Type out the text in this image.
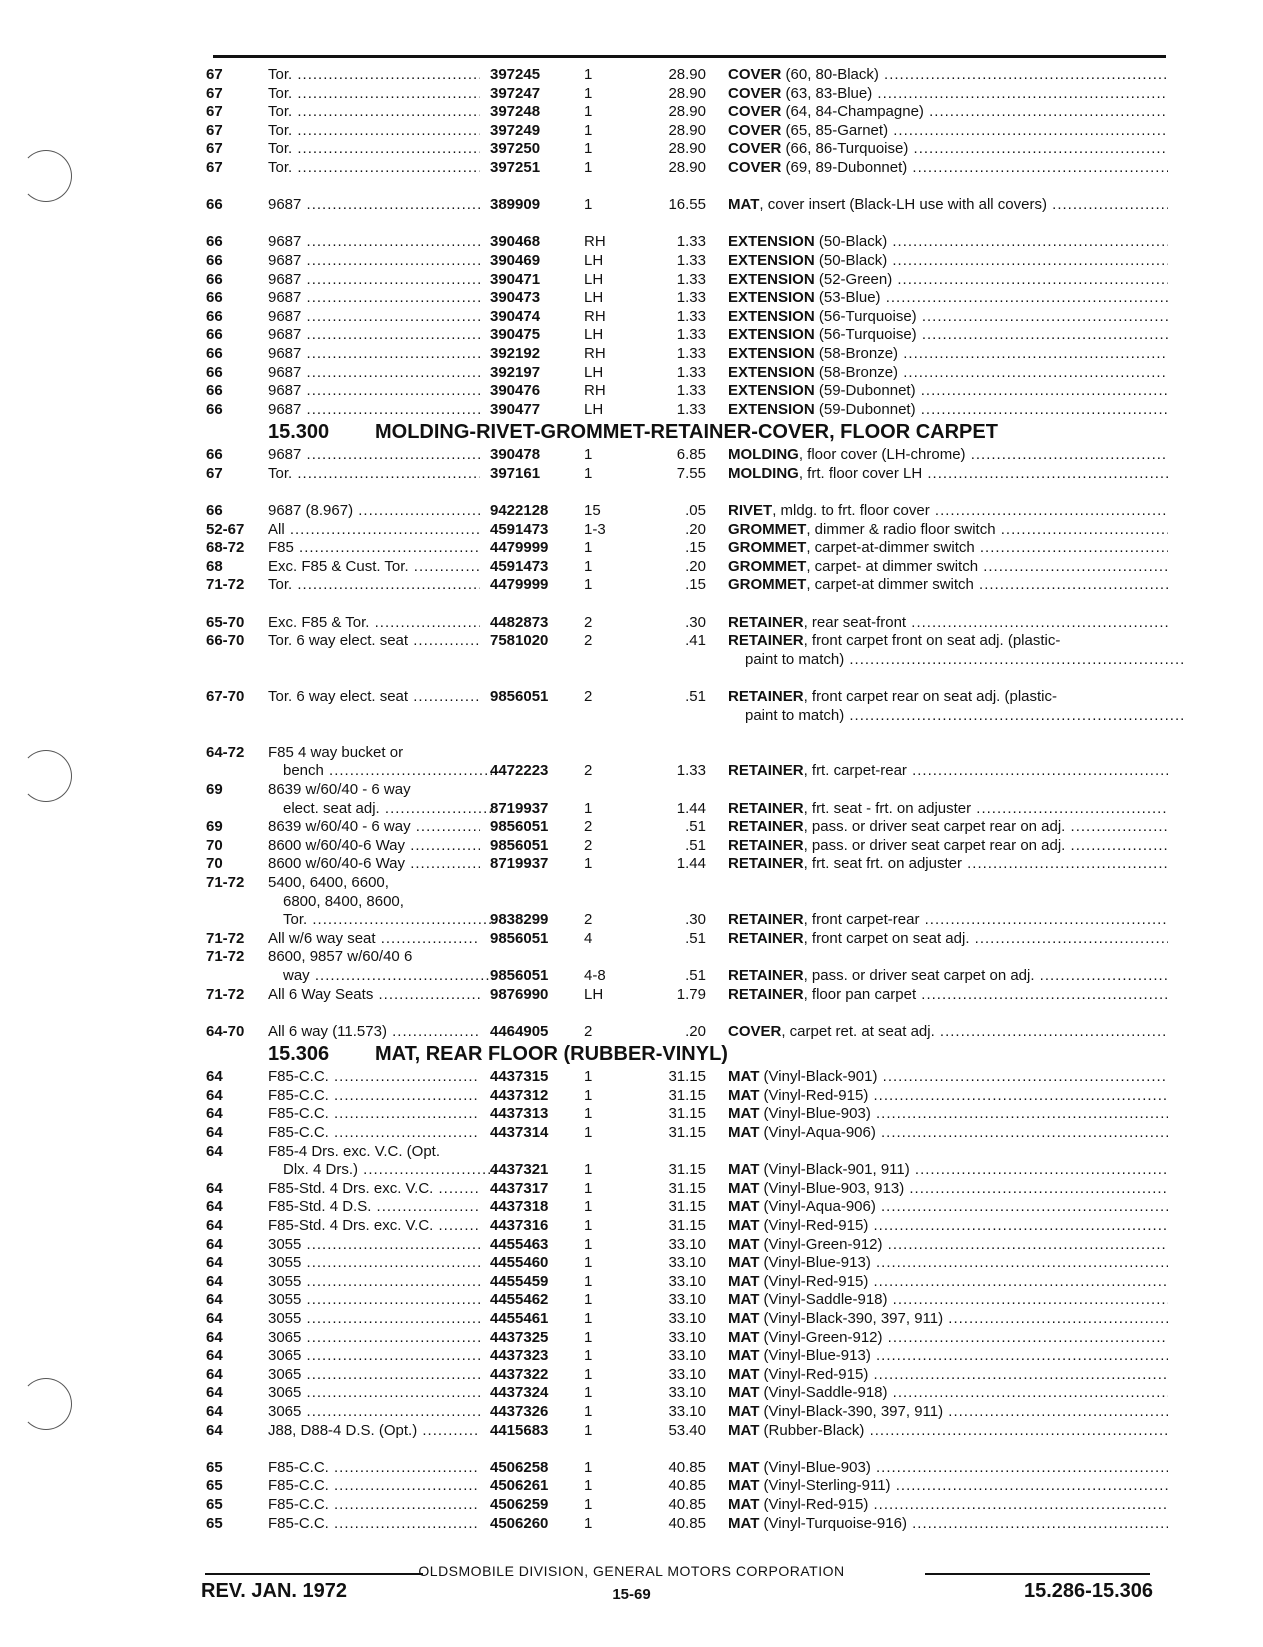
67	Tor. .....	397245	1	28.90 COVER (60, 80-Black) .....
67	Tor. .....	397247	1	28.90 COVER (63, 83-Blue) .....
67	Tor. .....	397248	1	28.90 COVER (64, 84-Champagne) .....
67	Tor. .....	397249	1	28.90 COVER (65, 85-Garnet) .....
67	Tor. .....	397250	1	28.90 COVER (66, 86-Turquoise) .....
67	Tor. .....	397251	1	28.90 COVER (69, 89-Dubonnet) .....
66	9687 .....	389909	1	16.55 MAT, cover insert (Black-LH use with all covers) .....
66	9687 .....	390468	RH	1.33 EXTENSION (50-Black) .....
66	9687 .....	390469	LH	1.33 EXTENSION (50-Black) .....
66	9687 .....	390471	LH	1.33 EXTENSION (52-Green) .....
66	9687 .....	390473	LH	1.33 EXTENSION (53-Blue) .....
66	9687 .....	390474	RH	1.33 EXTENSION (56-Turquoise) .....
66	9687 .....	390475	LH	1.33 EXTENSION (56-Turquoise) .....
66	9687 .....	392192	RH	1.33 EXTENSION (58-Bronze) .....
66	9687 .....	392197	LH	1.33 EXTENSION (58-Bronze) .....
66	9687 .....	390476	RH	1.33 EXTENSION (59-Dubonnet) .....
66	9687 .....	390477	LH	1.33 EXTENSION (59-Dubonnet) .....
15.300 MOLDING-RIVET-GROMMET-RETAINER-COVER, FLOOR CARPET
66	9687 .....	390478	1	6.85 MOLDING, floor cover (LH-chrome) .....
67	Tor. .....	397161	1	7.55 MOLDING, frt. floor cover LH .....
66	9687 (8.967) .....	9422128 15	.05 RIVET, mldg. to frt. floor cover .....
52-67 All .....	4591473 1-3	.20 GROMMET, dimmer & radio floor switch .....
68-72 F85 .....	4479999 1	.15 GROMMET, carpet-at-dimmer switch .....
68	Exc. F85 & Cust. Tor. .....	4591473 1	.20 GROMMET, carpet- at dimmer switch .....
71-72 Tor. .....	4479999 1	.15 GROMMET, carpet-at dimmer switch .....
65-70 Exc. F85 & Tor. .....	4482873 2	.30 RETAINER, rear seat-front .....
66-70 Tor. 6 way elect. seat .....	7581020 2	.41 RETAINER, front carpet front on seat adj. (plastic-
paint to match) .....
67-70 Tor. 6 way elect. seat .....	9856051 2	.51 RETAINER, front carpet rear on seat adj. (plastic-
paint to match) .....
64-72 F85 4 way bucket or
bench .....	4472223 2	1.33 RETAINER, frt. carpet-rear .....
69	8639 w/60/40 - 6 way
elect. seat adj. .....	8719937 1	1.44 RETAINER, frt. seat - frt. on adjuster .....
69	8639 w/60/40 - 6 way .....	9856051 2	.51 RETAINER, pass. or driver seat carpet rear on adj. .....
70	8600 w/60/40-6 Way .....	9856051 2	.51 RETAINER, pass. or driver seat carpet rear on adj. .....
70	8600 w/60/40-6 Way .....	8719937 1	1.44 RETAINER, frt. seat frt. on adjuster .....
71-72 5400, 6400, 6600,
6800, 8400, 8600,
Tor. .....	9838299 2	.30 RETAINER, front carpet-rear .....
71-72 All w/6 way seat .....	9856051 4	.51 RETAINER, front carpet on seat adj. .....
71-72 8600, 9857 w/60/40 6
way .....	9856051 4-8	.51 RETAINER, pass. or driver seat carpet on adj. .....
71-72 All 6 Way Seats .....	9876990 LH	1.79 RETAINER, floor pan carpet .....
64-70 All 6 way (11.573) .....	4464905 2	.20 COVER, carpet ret. at seat adj. .....
15.306 MAT, REAR FLOOR (RUBBER-VINYL)
64	F85-C.C. .....	4437315 1	31.15 MAT (Vinyl-Black-901) .....
64	F85-C.C. .....	4437312 1	31.15 MAT (Vinyl-Red-915) .....
64	F85-C.C. .....	4437313 1	31.15 MAT (Vinyl-Blue-903) .....
64	F85-C.C. .....	4437314 1	31.15 MAT (Vinyl-Aqua-906) .....
64	F85-4 Drs. exc. V.C. (Opt.
Dlx. 4 Drs.) .....	4437321 1	31.15 MAT (Vinyl-Black-901, 911) .....
64	F85-Std. 4 Drs. exc. V.C. .....	4437317 1	31.15 MAT (Vinyl-Blue-903, 913) .....
64	F85-Std. 4 D.S. .....	4437318 1	31.15 MAT (Vinyl-Aqua-906) .....
64	F85-Std. 4 Drs. exc. V.C. .....	4437316 1	31.15 MAT (Vinyl-Red-915) .....
64	3055 .....	4455463 1	33.10 MAT (Vinyl-Green-912) .....
64	3055 .....	4455460 1	33.10 MAT (Vinyl-Blue-913) .....
64	3055 .....	4455459 1	33.10 MAT (Vinyl-Red-915) .....
64	3055 .....	4455462 1	33.10 MAT (Vinyl-Saddle-918) .....
64	3055 .....	4455461 1	33.10 MAT (Vinyl-Black-390, 397, 911) .....
64	3065 .....	4437325 1	33.10 MAT (Vinyl-Green-912) .....
64	3065 .....	4437323 1	33.10 MAT (Vinyl-Blue-913) .....
64	3065 .....	4437322 1	33.10 MAT (Vinyl-Red-915) .....
64	3065 .....	4437324 1	33.10 MAT (Vinyl-Saddle-918) .....
64	3065 .....	4437326 1	33.10 MAT (Vinyl-Black-390, 397, 911) .....
64	J88, D88-4 D.S. (Opt.) .....	4415683 1	53.40 MAT (Rubber-Black) .....
65	F85-C.C. .....	4506258 1	40.85 MAT (Vinyl-Blue-903) .....
65	F85-C.C. .....	4506261 1	40.85 MAT (Vinyl-Sterling-911) .....
65	F85-C.C. .....	4506259 1	40.85 MAT (Vinyl-Red-915) .....
65	F85-C.C. .....	4506260 1	40.85 MAT (Vinyl-Turquoise-916) .....
OLDSMOBILE DIVISION, GENERAL MOTORS CORPORATION
REV. JAN. 1972	15-69	15.286-15.306
